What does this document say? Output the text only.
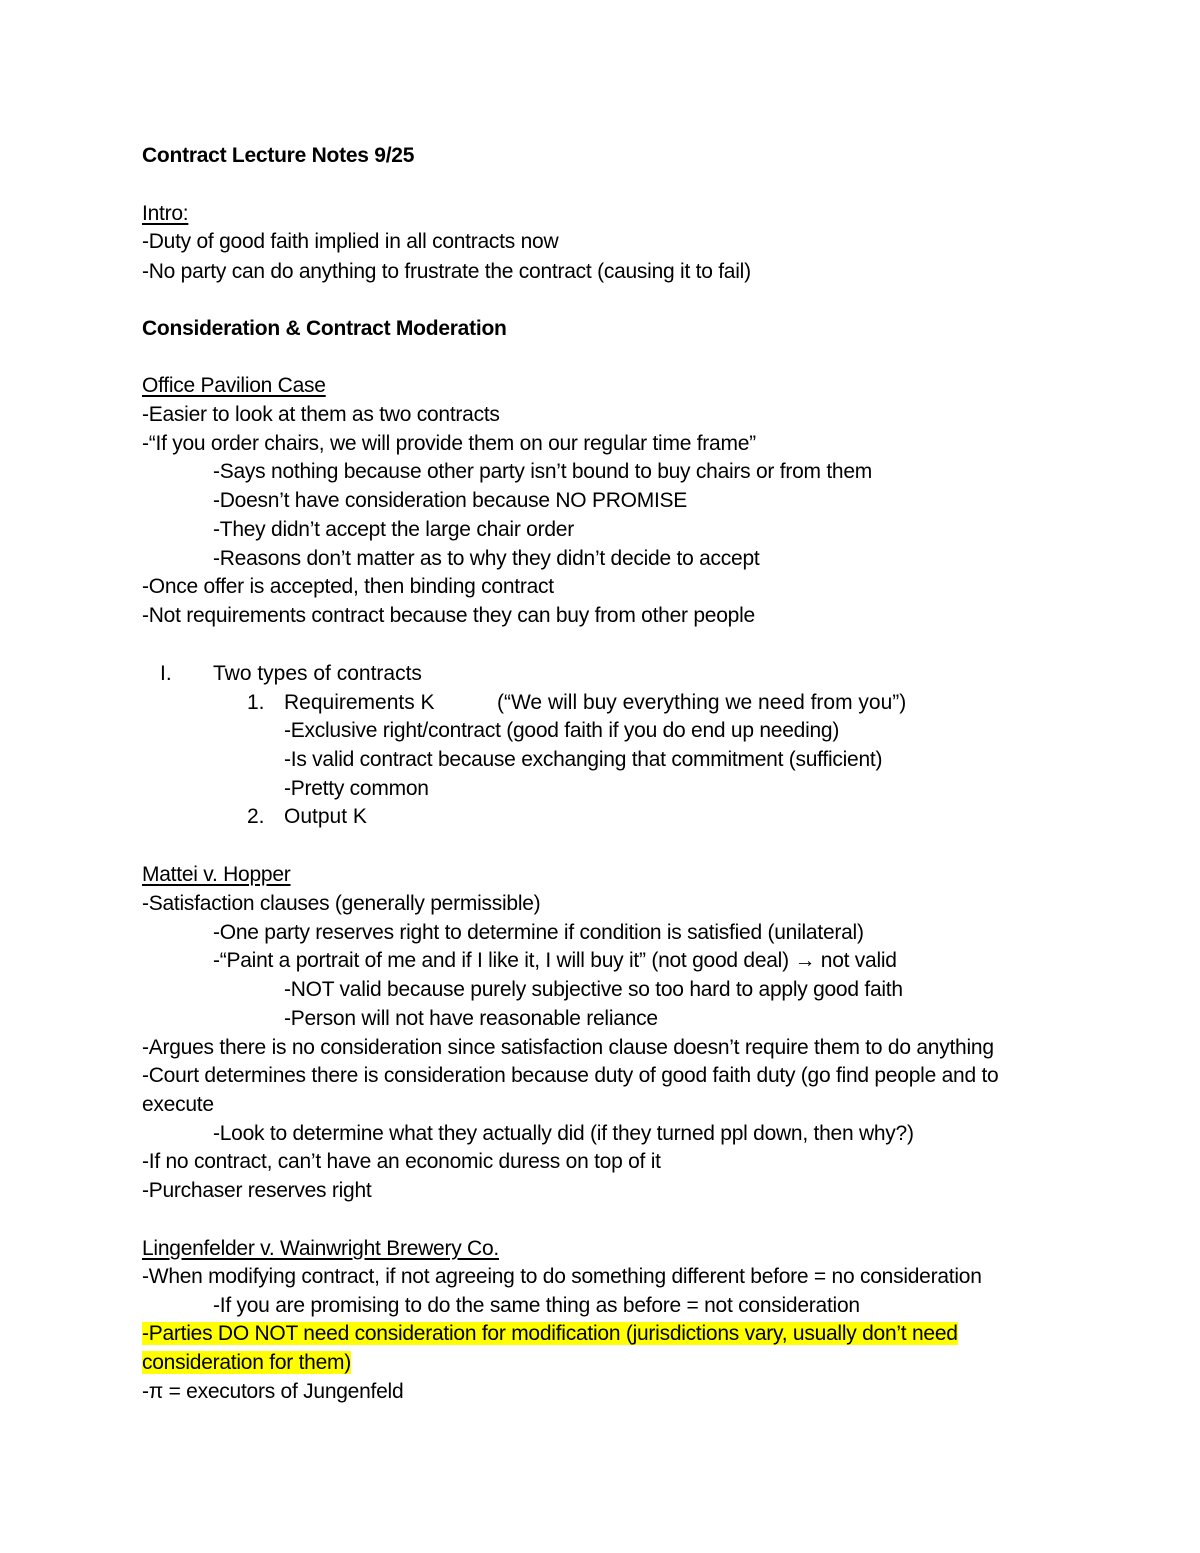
Contract Lecture Notes 9/25
Intro:
-Duty of good faith implied in all contracts now
-No party can do anything to frustrate the contract (causing it to fail)
Consideration & Contract Moderation
Office Pavilion Case
-Easier to look at them as two contracts
-“If you order chairs, we will provide them on our regular time frame”
-Says nothing because other party isn’t bound to buy chairs or from them
-Doesn’t have consideration because NO PROMISE
-They didn’t accept the large chair order
-Reasons don’t matter as to why they didn’t decide to accept
-Once offer is accepted, then binding contract
-Not requirements contract because they can buy from other people
I. Two types of contracts
1. Requirements K	(“We will buy everything we need from you”)
-Exclusive right/contract (good faith if you do end up needing)
-Is valid contract because exchanging that commitment (sufficient)
-Pretty common
2. Output K
Mattei v. Hopper
-Satisfaction clauses (generally permissible)
-One party reserves right to determine if condition is satisfied (unilateral)
-“Paint a portrait of me and if I like it, I will buy it” (not good deal) → not valid
-NOT valid because purely subjective so too hard to apply good faith
-Person will not have reasonable reliance
-Argues there is no consideration since satisfaction clause doesn’t require them to do anything
-Court determines there is consideration because duty of good faith duty (go find people and to
execute
-Look to determine what they actually did (if they turned ppl down, then why?)
-If no contract, can’t have an economic duress on top of it
-Purchaser reserves right
Lingenfelder v. Wainwright Brewery Co.
-When modifying contract, if not agreeing to do something different before = no consideration
-If you are promising to do the same thing as before = not consideration
-Parties DO NOT need consideration for modification (jurisdictions vary, usually don’t need
consideration for them)
-π = executors of Jungenfeld
